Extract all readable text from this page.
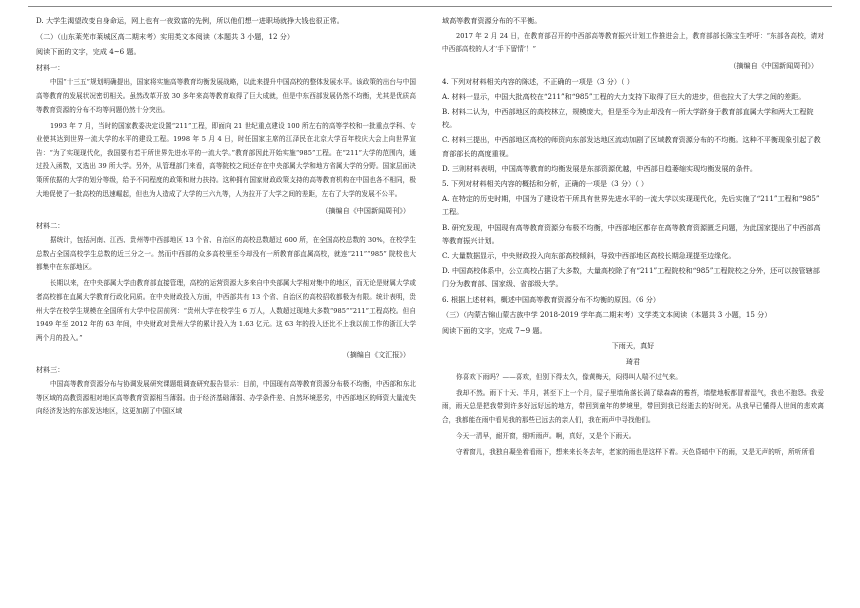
D. 大学生渴望改变自身命运，网上也有一夜致富的先例，所以他们想一进职场就挣大钱也很正常。

（二）（山东莱芜市莱城区高二期末考）实用类文本阅读（本题共 3 小题，12 分）

阅读下面的文字，完成 4~6 题。

材料一：

中国“十三五”规划明确提出，国家将实施高等教育均衡发展战略，以此来提升中国高校的整体发展水平。该政策的出台与中国高等教育的发展状况密切相关。虽然改革开放 30 多年来高等教育取得了巨大成就，但是中东西部发展仍然不均衡，尤其是优质高等教育资源的分布不均等问题仍然十分突出。

1993 年 7 月，当时的国家教委决定设置“211”工程，即面向 21 世纪重点建设 100 所左右的高等学校和一批重点学科、专业使其达到世界一流大学的水平的建设工程。1998 年 5 月 4 日，时任国家主席的江泽民在北京大学百年校庆大会上向世界宣告：“为了实现现代化，我国要有若干所世界先进水平的一流大学。”教育部因此开始实施“985”工程。在“211”大学的范围内，通过投入函数，又选出 39 所大学。另外，从管理部门来看，高等院校之间还存在中央部属大学和地方省属大学的分野。国家层面决策所依据的大学的划分等级，给予不同程度的政策和财力扶持。这种拥有国家财政政策支持的高等教育机构在中国也各不相同，极大地促使了一批高校的迅速崛起，但也为人造成了大学的三六九等，人为拉开了大学之间的差距，左右了大学的发展不公平。

（摘编自《中国新闻周刊》）

材料二：

据统计，包括河南、江西、贵州等中西部地区 13 个省、自治区的高校总数超过 600 所，在全国高校总数的 30%，在校学生总数占全国高校学生总数的近三分之一。然而中西部的众多高校里至今却没有一所教育部直属高校，就连“211”“985” 院校也大都集中在东部地区。

长期以来，在中央部属大学由教育部直接管理，高校的运营资源大多来自中央部属大学相对集中的地区，而无论是财属大学或者高校都在直属大学教育行政化同质。在中央财政投入方面，中西部共有 13 个省、自治区的高校招收都极为有限。统计表明，贵州大学在校学生规模在全国所有大学中位居前列：“贵州大学在校学生 6 万人，人数超过现地大多数“985”“211”工程高校。但自 1949 年至 2012 年的 63 年间，中央财政对贵州大学的累计投入为 1.63 亿元。这 63 年的投入还比不上我以前工作的浙江大学两个月的投入。”

（摘编自《文汇报》）

材料三：

中国高等教育资源分布与协调发展研究课题组调查研究报告显示：目前，中国现有高等教育资源分布极不均衡，中西部和东北等区域的高教资源相对地区高等教育资源相当薄弱。由于经济基础薄弱、办学条件差、自然环境恶劣，中西部地区的师资大量流失向经济发达的东部发达地区，这更加剧了中国区域

域高等教育资源分布的不平衡。

2017 年 2 月 24 日，在教育部召开的中西部高等教育振兴计划工作推进会上，教育部部长陈宝生呼吁：“东部各高校，请对中西部高校的人才‘手下留情’！”

（摘编自《中国新闻周刊》）

4. 下列对材料相关内容的陈述，不正确的一项是（3 分）（ ）

A. 材料一显示，中国大批高校在“211”和“985”工程的大力支持下取得了巨大的进步，但也拉大了大学之间的差距。

B. 材料二认为，中西部地区的高校林立，规模庞大，但是至今为止却没有一所大学跻身于教育部直属大学和两大工程院校。

C. 材料三提出，中西部地区高校的师资向东部发达地区流动加剧了区域教育资源分布的不均衡。这种不平衡现象引起了教育部部长的高度重视。

D. 三则材料表明，中国高等教育的均衡发展是东部资源优越，中西部日趋萎缩实现均衡发展的条件。

5. 下列对材料相关内容的概括和分析，正确的一项是（3 分）（ ）

A. 在特定的历史时期，中国为了建设若干所具有世界先进水平的一流大学以实现现代化，先后实施了“211”工程和“985” 工程。

B. 研究发现，中国现有高等教育资源分布极不均衡，中西部地区都存在高等教育资源匮乏问题，为此国家提出了中西部高等教育振兴计划。

C. 大量数据显示，中央财政投入向东部高校倾斜，导致中西部地区高校长期急现提至边缘化。

D. 中国高校体系中，公立高校占据了大多数，大量高校除了有“211”工程院校和“985”工程院校之分外，还可以按管辖部门分为教育部、国家级、省部级大学。

6. 根据上述材料，概述中国高等教育资源分布不均衡的原因。（6 分）

（三）（内蒙古锦山蒙古族中学 2018-2019 学年高二期末考）文学类文本阅读（本题共 3 小题，15 分）

阅读下面的文字，完成 7~9 题。

下雨天，真好

琦君

你喜欢下雨吗？——喜欢，但别下得太久，像黄梅天，闷得叫人喘不过气来。

我却不然。雨下十天、半月，甚至下上一个月，屋子里墙角落长满了绿森森的霉苔，墙壁地板都冒着湿气，我也不抱怨。我爱雨，雨天总是把我带到许多好远好远的地方，带回到童年的梦境里，带回到我已经逝去的好时光。从我早已懂得人世间的悲欢离合，我都能在雨中看见我的那些已远去的亲人们，我在雨声中寻找他们。

今天一清早，耐开窗，细听雨声。啊，真好，又是个下雨天。

守着窗儿，我独自凝坐着看雨下，想来来长冬去年，老家的雨也是这样下着。天色昏暗中下的雨，又是无声的听，所听所看
